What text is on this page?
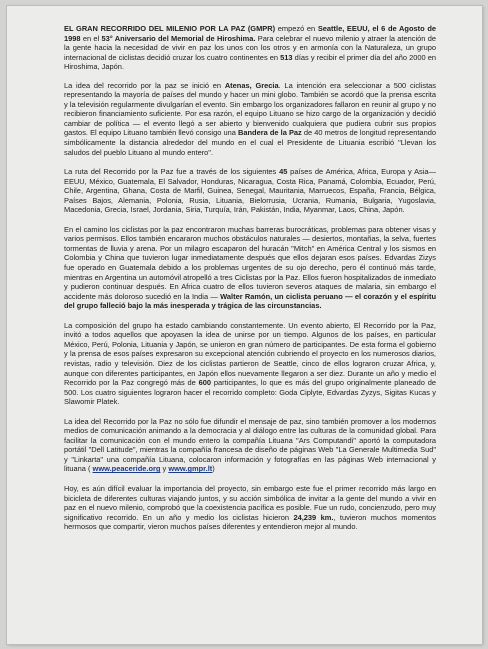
EL GRAN RECORRIDO DEL MILENIO POR LA PAZ (GMPR) empezó en Seattle, EEUU, el 6 de Agosto de 1998 en el 53° Aniversario del Memorial de Hiroshima. Para celebrar el nuevo milenio y atraer la atención de la gente hacia la necesidad de vivir en paz los unos con los otros y en armonía con la Naturaleza, un grupo internacional de ciclistas decidió cruzar los cuatro continentes en 513 días y recibir el primer día del año 2000 en Hiroshima, Japón.

La idea del recorrido por la paz se inició en Atenas, Grecia. La intención era seleccionar a 500 ciclistas representando la mayoría de países del mundo y hacer un mini globo. También se acordó que la prensa escrita y la televisión regularmente divulgarían el evento. Sin embargo los organizadores fallaron en reunir al grupo y no recibieron financiamiento suficiente. Por esa razón, el equipo Lituano se hizo cargo de la organización y decidió cambiar de política — el evento llegó a ser abierto y bienvenido cualquiera que pudiera cubrir sus propios gastos. El equipo Lituano también llevó consigo una Bandera de la Paz de 40 metros de longitud representando simbólicamente la distancia alrededor del mundo en el cual el Presidente de Lituania escribió "Llevan los saludos del pueblo Lituano al mundo entero".

La ruta del Recorrido por la Paz fue a través de los siguientes 45 países de América, Africa, Europa y Asia— EEUU, México, Guatemala, El Salvador, Honduras, Nicaragua, Costa Rica, Panamá, Colombia, Ecuador, Perú, Chile, Argentina, Ghana, Costa de Marfil, Guinea, Senegal, Mauritania, Marruecos, España, Francia, Bélgica, Países Bajos, Alemania, Polonia, Rusia, Lituania, Bielorrusia, Ucrania, Rumania, Bulgaria, Yugoslavia, Macedonia, Grecia, Israel, Jordania, Siria, Turquía, Irán, Pakistán, India, Myanmar, Laos, China, Japón.

En el camino los ciclistas por la paz encontraron muchas barreras burocráticas, problemas para obtener visas y varios permisos. Ellos también encararon muchos obstáculos naturales — desiertos, montañas, la selva, fuertes tormentas de lluvia y arena. Por un milagro escaparon del huracán "Mitch" en América Central y los sismos en Colombia y China que tuvieron lugar inmediatamente después que ellos dejaran esos países. Edvardas Zizys fue operado en Guatemala debido a los problemas urgentes de su ojo derecho, pero él continuó más tarde, mientras en Argentina un automóvil atropelló a tres Ciclistas por la Paz. Ellos fueron hospitalizados de inmediato y pudieron continuar después. En Africa cuatro de ellos tuvieron severos ataques de malaria, sin embargo el accidente más doloroso sucedió en la India — Walter Ramón, un ciclista peruano — el corazón y el espíritu del grupo falleció bajo la más inesperada y trágica de las circunstancias.

La composición del grupo ha estado cambiando constantemente. Un evento abierto, El Recorrido por la Paz, invitó a todos aquellos que apoyasen la idea de unirse por un tiempo. Algunos de los países, en particular México, Perú, Polonia, Lituania y Japón, se unieron en gran número de participantes. De esta forma el gobierno y la prensa de esos países expresaron su excepcional atención cubriendo el proyecto en los numerosos diarios, revistas, radio y televisión. Diez de los ciclistas partieron de Seattle, cinco de ellos lograron cruzar Africa, y, aunque con diferentes participantes, en Japón ellos nuevamente llegaron a ser diez. Durante un año y medio el Recorrido por la Paz congregó más de 600 participantes, lo que es más del grupo originalmente planeado de 500. Los cuatro siguientes lograron hacer el recorrido completo: Goda Ciplyte, Edvardas Zyzys, Sigitas Kucas y Slawomir Platek.

La idea del Recorrido por la Paz no sólo fue difundir el mensaje de paz, sino también promover a los modernos medios de comunicación animando a la democracia y al diálogo entre las culturas de la comunidad global. Para facilitar la comunicación con el mundo entero la compañía Lituana "Ars Computandi" aportó la computadora portátil "Dell Latitude", mientras la compañía francesa de diseño de páginas Web "La Generale Multimedia Sud" y "Linkarta" una compañía Lituana, colocaron información y fotografías en las páginas Web internacional y lituana ( www.peaceride.org y www.gmpr.lt)

Hoy, es aún difícil evaluar la importancia del proyecto, sin embargo este fue el primer recorrido más largo en bicicleta de diferentes culturas viajando juntos, y su acción simbólica de invitar a la gente del mundo a vivir en paz en el nuevo milenio, comprobó que la coexistencia pacífica es posible. Fue un rudo, concienzudo, pero muy significativo recorrido. En un año y medio los ciclistas hicieron 24,239 km., tuvieron muchos momentos hermosos que compartir, vieron muchos países diferentes y entendieron mejor al mundo.
